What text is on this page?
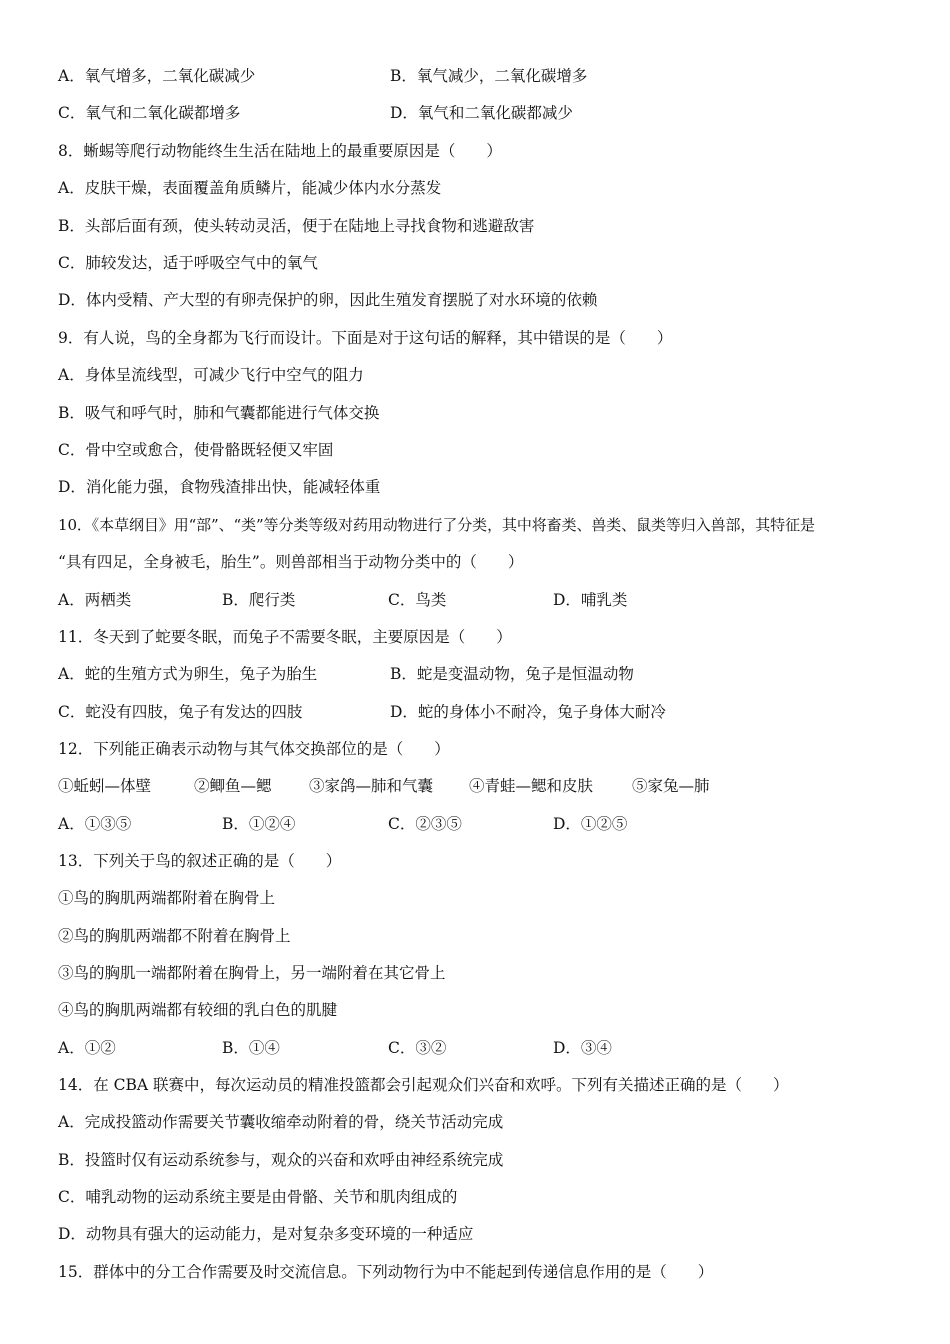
A．氧气增多，二氧化碳减少	B．氧气减少，二氧化碳增多
C．氧气和二氧化碳都增多	D．氧气和二氧化碳都减少
8．蜥蜴等爬行动物能终生生活在陆地上的最重要原因是（　　）
A．皮肤干燥，表面覆盖角质鳞片，能减少体内水分蒸发
B．头部后面有颈，使头转动灵活，便于在陆地上寻找食物和逃避敌害
C．肺较发达，适于呼吸空气中的氧气
D．体内受精、产大型的有卵壳保护的卵，因此生殖发育摆脱了对水环境的依赖
9．有人说，鸟的全身都为飞行而设计。下面是对于这句话的解释，其中错误的是（　　）
A．身体呈流线型，可减少飞行中空气的阻力
B．吸气和呼气时，肺和气囊都能进行气体交换
C．骨中空或愈合，使骨骼既轻便又牢固
D．消化能力强，食物残渣排出快，能减轻体重
10．《本草纲目》用“部”、“类”等分类等级对药用动物进行了分类，其中将畜类、兽类、鼠类等归入兽部，其特征是
“具有四足，全身被毛，胎生”。则兽部相当于动物分类中的（　　）
A．两栖类	B．爬行类	C．鸟类	D．哺乳类
11．冬天到了蛇要冬眠，而兔子不需要冬眠，主要原因是（　　）
A．蛇的生殖方式为卵生，兔子为胎生	B．蛇是变温动物，兔子是恒温动物
C．蛇没有四肢，兔子有发达的四肢	D．蛇的身体小不耐冷，兔子身体大耐冷
12．下列能正确表示动物与其气体交换部位的是（　　）
①蚯蚓—体壁	②鲫鱼—鳃 ③家鸽—肺和气囊 ④青蛙—鳃和皮肤	⑤家兔—肺
A．①③⑤	B．①②④	C．②③⑤	D．①②⑤
13．下列关于鸟的叙述正确的是（　　）
①鸟的胸肌两端都附着在胸骨上
②鸟的胸肌两端都不附着在胸骨上
③鸟的胸肌一端都附着在胸骨上，另一端附着在其它骨上
④鸟的胸肌两端都有较细的乳白色的肌腱
A．①②	B．①④	C．③②	D．③④
14．在 CBA 联赛中，每次运动员的精准投篮都会引起观众们兴奋和欢呼。下列有关描述正确的是（　　）
A．完成投篮动作需要关节囊收缩牵动附着的骨，绕关节活动完成
B．投篮时仅有运动系统参与，观众的兴奋和欢呼由神经系统完成
C．哺乳动物的运动系统主要是由骨骼、关节和肌肉组成的
D．动物具有强大的运动能力，是对复杂多变环境的一种适应
15．群体中的分工合作需要及时交流信息。下列动物行为中不能起到传递信息作用的是（　　）
